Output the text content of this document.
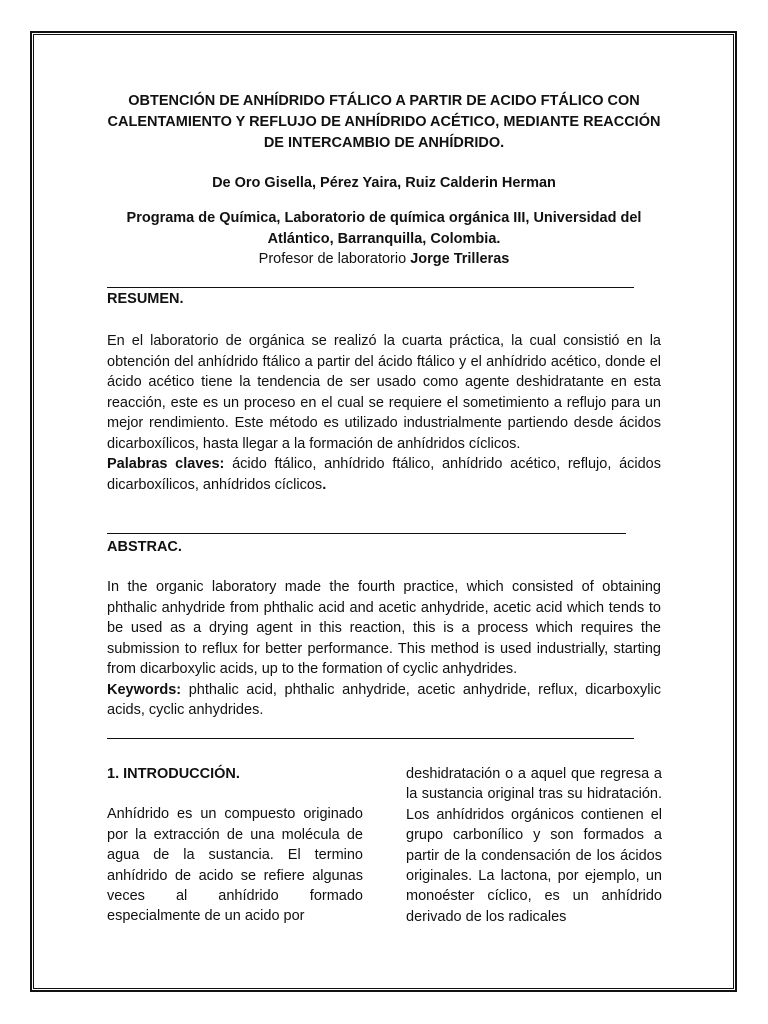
OBTENCIÓN DE ANHÍDRIDO FTÁLICO A PARTIR DE ACIDO FTÁLICO CON CALENTAMIENTO Y REFLUJO DE ANHÍDRIDO ACÉTICO, MEDIANTE REACCIÓN DE INTERCAMBIO DE ANHÍDRIDO.
De Oro Gisella, Pérez Yaira, Ruiz Calderin Herman
Programa de Química, Laboratorio de química orgánica III, Universidad del Atlántico, Barranquilla, Colombia.
Profesor de laboratorio Jorge Trilleras
RESUMEN.
En el laboratorio de orgánica se realizó la cuarta práctica, la cual consistió en la obtención del anhídrido ftálico a partir del ácido ftálico y el anhídrido acético, donde el ácido acético tiene la tendencia de ser usado como agente deshidratante en esta reacción, este es un proceso en el cual se requiere el sometimiento a reflujo para un mejor rendimiento. Este método es utilizado industrialmente partiendo desde ácidos dicarboxílicos, hasta llegar a la formación de anhídridos cíclicos.
Palabras claves: ácido ftálico, anhídrido ftálico, anhídrido acético, reflujo, ácidos dicarboxílicos, anhídridos cíclicos.
ABSTRAC.
In the organic laboratory made the fourth practice, which consisted of obtaining phthalic anhydride from phthalic acid and acetic anhydride, acetic acid which tends to be used as a drying agent in this reaction, this is a process which requires the submission to reflux for better performance. This method is used industrially, starting from dicarboxylic acids, up to the formation of cyclic anhydrides.
Keywords: phthalic acid, phthalic anhydride, acetic anhydride, reflux, dicarboxylic acids, cyclic anhydrides.
1. INTRODUCCIÓN.
Anhídrido es un compuesto originado por la extracción de una molécula de agua de la sustancia. El termino anhídrido de acido se refiere algunas veces al anhídrido formado especialmente de un acido por
deshidratación o a aquel que regresa a la sustancia original tras su hidratación. Los anhídridos orgánicos contienen el grupo carbonílico y son formados a partir de la condensación de los ácidos originales. La lactona, por ejemplo, un monoéster cíclico, es un anhídrido derivado de los radicales
